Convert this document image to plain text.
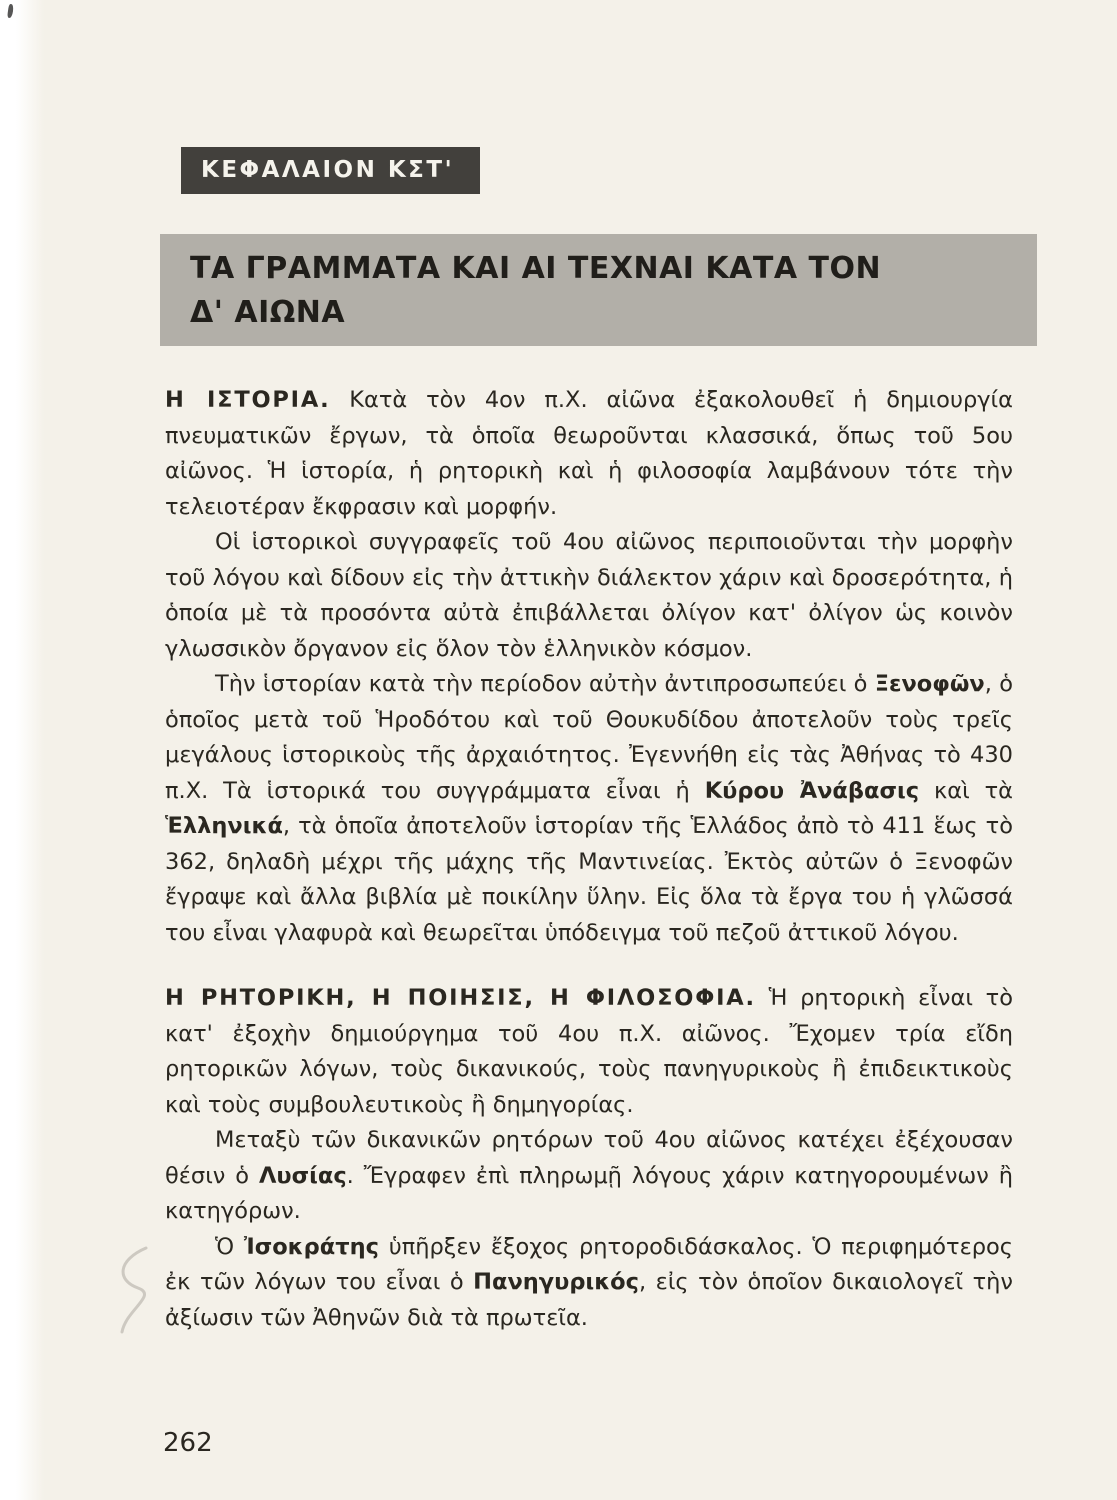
ΚΕΦΑΛΑΙΟΝ ΚΣΤ'
ΤΑ ΓΡΑΜΜΑΤΑ ΚΑΙ ΑΙ ΤΕΧΝΑΙ ΚΑΤΑ ΤΟΝ
Δ' ΑΙΩΝΑ

Η ΙΣΤΟΡΙΑ. Κατὰ τὸν 4ον π.Χ. αἰῶνα ἐξακολουθεῖ ἡ δημιουργία πνευματικῶν ἔργων, τὰ ὁποῖα θεωροῦνται κλασσικά, ὅπως τοῦ 5ου αἰῶνος. Ἡ ἱστορία, ἡ ρητορικὴ καὶ ἡ φιλοσοφία λαμβάνουν τότε τὴν τελειοτέραν ἔκφρασιν καὶ μορφήν.

Οἱ ἱστορικοὶ συγγραφεῖς τοῦ 4ου αἰῶνος περιποιοῦνται τὴν μορφὴν τοῦ λόγου καὶ δίδουν εἰς τὴν ἀττικὴν διάλεκτον χάριν καὶ δροσερότητα, ἡ ὁποία μὲ τὰ προσόντα αὐτὰ ἐπιβάλλεται ὀλίγον κατ' ὀλίγον ὡς κοινὸν γλωσσικὸν ὄργανον εἰς ὅλον τὸν ἑλληνικὸν κόσμον.

Τὴν ἱστορίαν κατὰ τὴν περίοδον αὐτὴν ἀντιπροσωπεύει ὁ Ξενοφῶν, ὁ ὁποῖος μετὰ τοῦ Ἡροδότου καὶ τοῦ Θουκυδίδου ἀποτελοῦν τοὺς τρεῖς μεγάλους ἱστορικοὺς τῆς ἀρχαιότητος. Ἐγεννήθη εἰς τὰς Ἀθήνας τὸ 430 π.Χ. Τὰ ἱστορικά του συγγράμματα εἶναι ἡ Κύρου Ἀνάβασις καὶ τὰ Ἑλληνικά, τὰ ὁποῖα ἀποτελοῦν ἱστορίαν τῆς Ἑλλάδος ἀπὸ τὸ 411 ἕως τὸ 362, δηλαδὴ μέχρι τῆς μάχης τῆς Μαντινείας. Ἐκτὸς αὐτῶν ὁ Ξενοφῶν ἔγραψε καὶ ἄλλα βιβλία μὲ ποικίλην ὕλην. Εἰς ὅλα τὰ ἔργα του ἡ γλῶσσά του εἶναι γλαφυρὰ καὶ θεωρεῖται ὑπόδειγμα τοῦ πεζοῦ ἀττικοῦ λόγου.

Η ΡΗΤΟΡΙΚΗ, Η ΠΟΙΗΣΙΣ, Η ΦΙΛΟΣΟΦΙΑ. Ἡ ρητορικὴ εἶναι τὸ κατ' ἐξοχὴν δημιούργημα τοῦ 4ου π.Χ. αἰῶνος. Ἔχομεν τρία εἴδη ρητορικῶν λόγων, τοὺς δικανικούς, τοὺς πανηγυρικοὺς ἢ ἐπιδεικτικοὺς καὶ τοὺς συμβουλευτικοὺς ἢ δημηγορίας.

Μεταξὺ τῶν δικανικῶν ρητόρων τοῦ 4ου αἰῶνος κατέχει ἐξέχουσαν θέσιν ὁ Λυσίας. Ἔγραφεν ἐπὶ πληρωμῇ λόγους χάριν κατηγορουμένων ἢ κατηγόρων.

Ὁ Ἰσοκράτης ὑπῆρξεν ἔξοχος ρητοροδιδάσκαλος. Ὁ περιφημότερος ἐκ τῶν λόγων του εἶναι ὁ Πανηγυρικός, εἰς τὸν ὁποῖον δικαιολογεῖ τὴν ἀξίωσιν τῶν Ἀθηνῶν διὰ τὰ πρωτεῖα.

262
